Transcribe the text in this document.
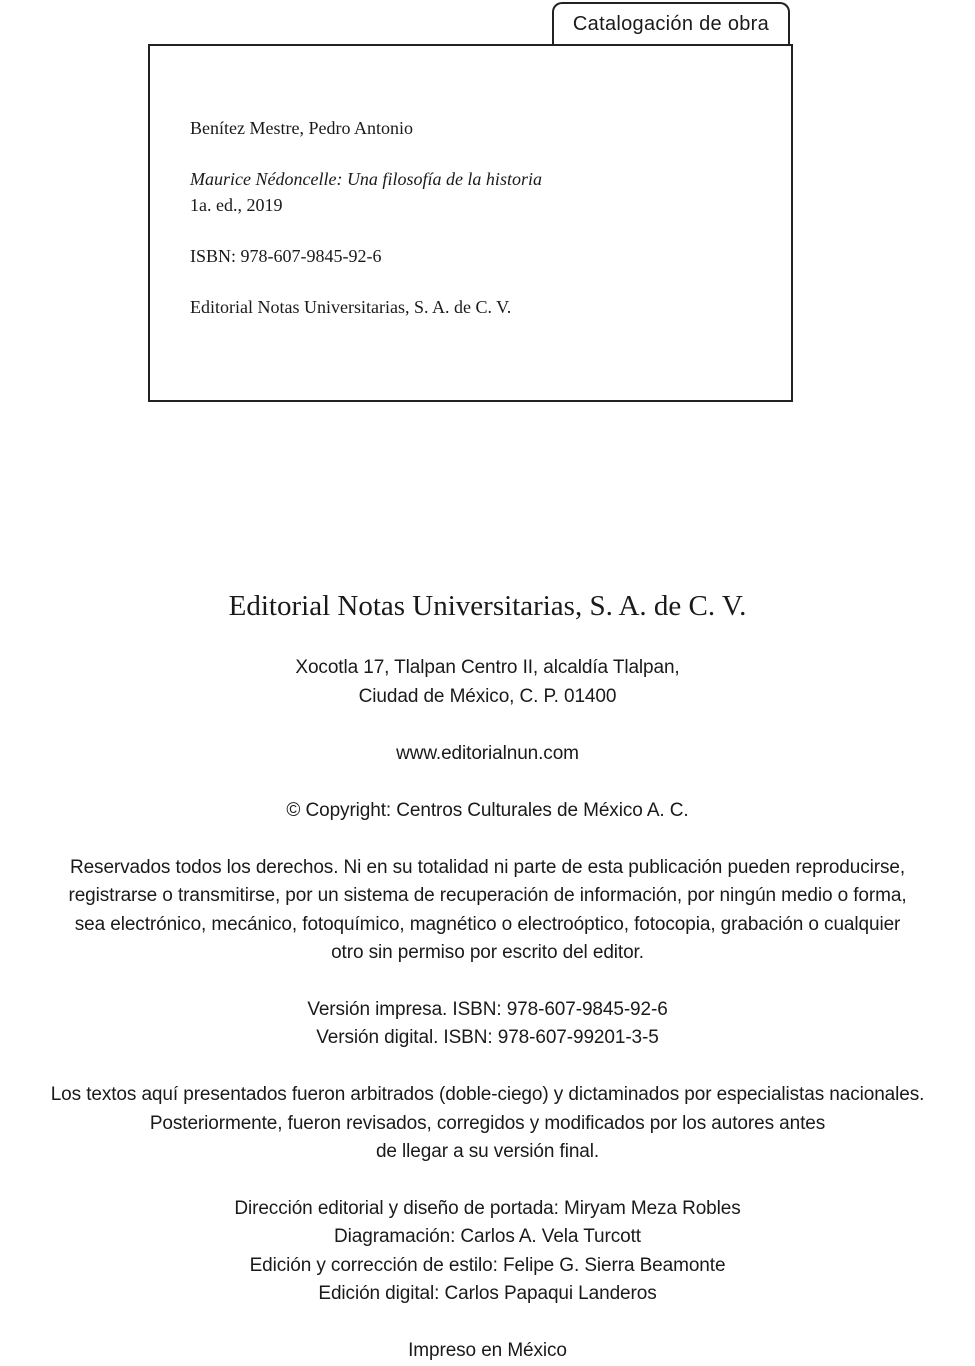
Catalogación de obra
Benítez Mestre, Pedro Antonio
Maurice Nédoncelle: Una filosofía de la historia
1a. ed., 2019
ISBN: 978-607-9845-92-6
Editorial Notas Universitarias, S. A. de C. V.
Editorial Notas Universitarias, S. A. de C. V.
Xocotla 17, Tlalpan Centro II, alcaldía Tlalpan,
Ciudad de México, C. P. 01400
www.editorialnun.com
© Copyright: Centros Culturales de México A. C.
Reservados todos los derechos. Ni en su totalidad ni parte de esta publicación pueden reproducirse,
registrarse o transmitirse, por un sistema de recuperación de información, por ningún medio o forma,
sea electrónico, mecánico, fotoquímico, magnético o electroóptico, fotocopia, grabación o cualquier
otro sin permiso por escrito del editor.
Versión impresa. ISBN: 978-607-9845-92-6
Versión digital. ISBN: 978-607-99201-3-5
Los textos aquí presentados fueron arbitrados (doble-ciego) y dictaminados por especialistas nacionales.
Posteriormente, fueron revisados, corregidos y modificados por los autores antes
de llegar a su versión final.
Dirección editorial y diseño de portada: Miryam Meza Robles
Diagramación: Carlos A. Vela Turcott
Edición y corrección de estilo: Felipe G. Sierra Beamonte
Edición digital: Carlos Papaqui Landeros
Impreso en México
